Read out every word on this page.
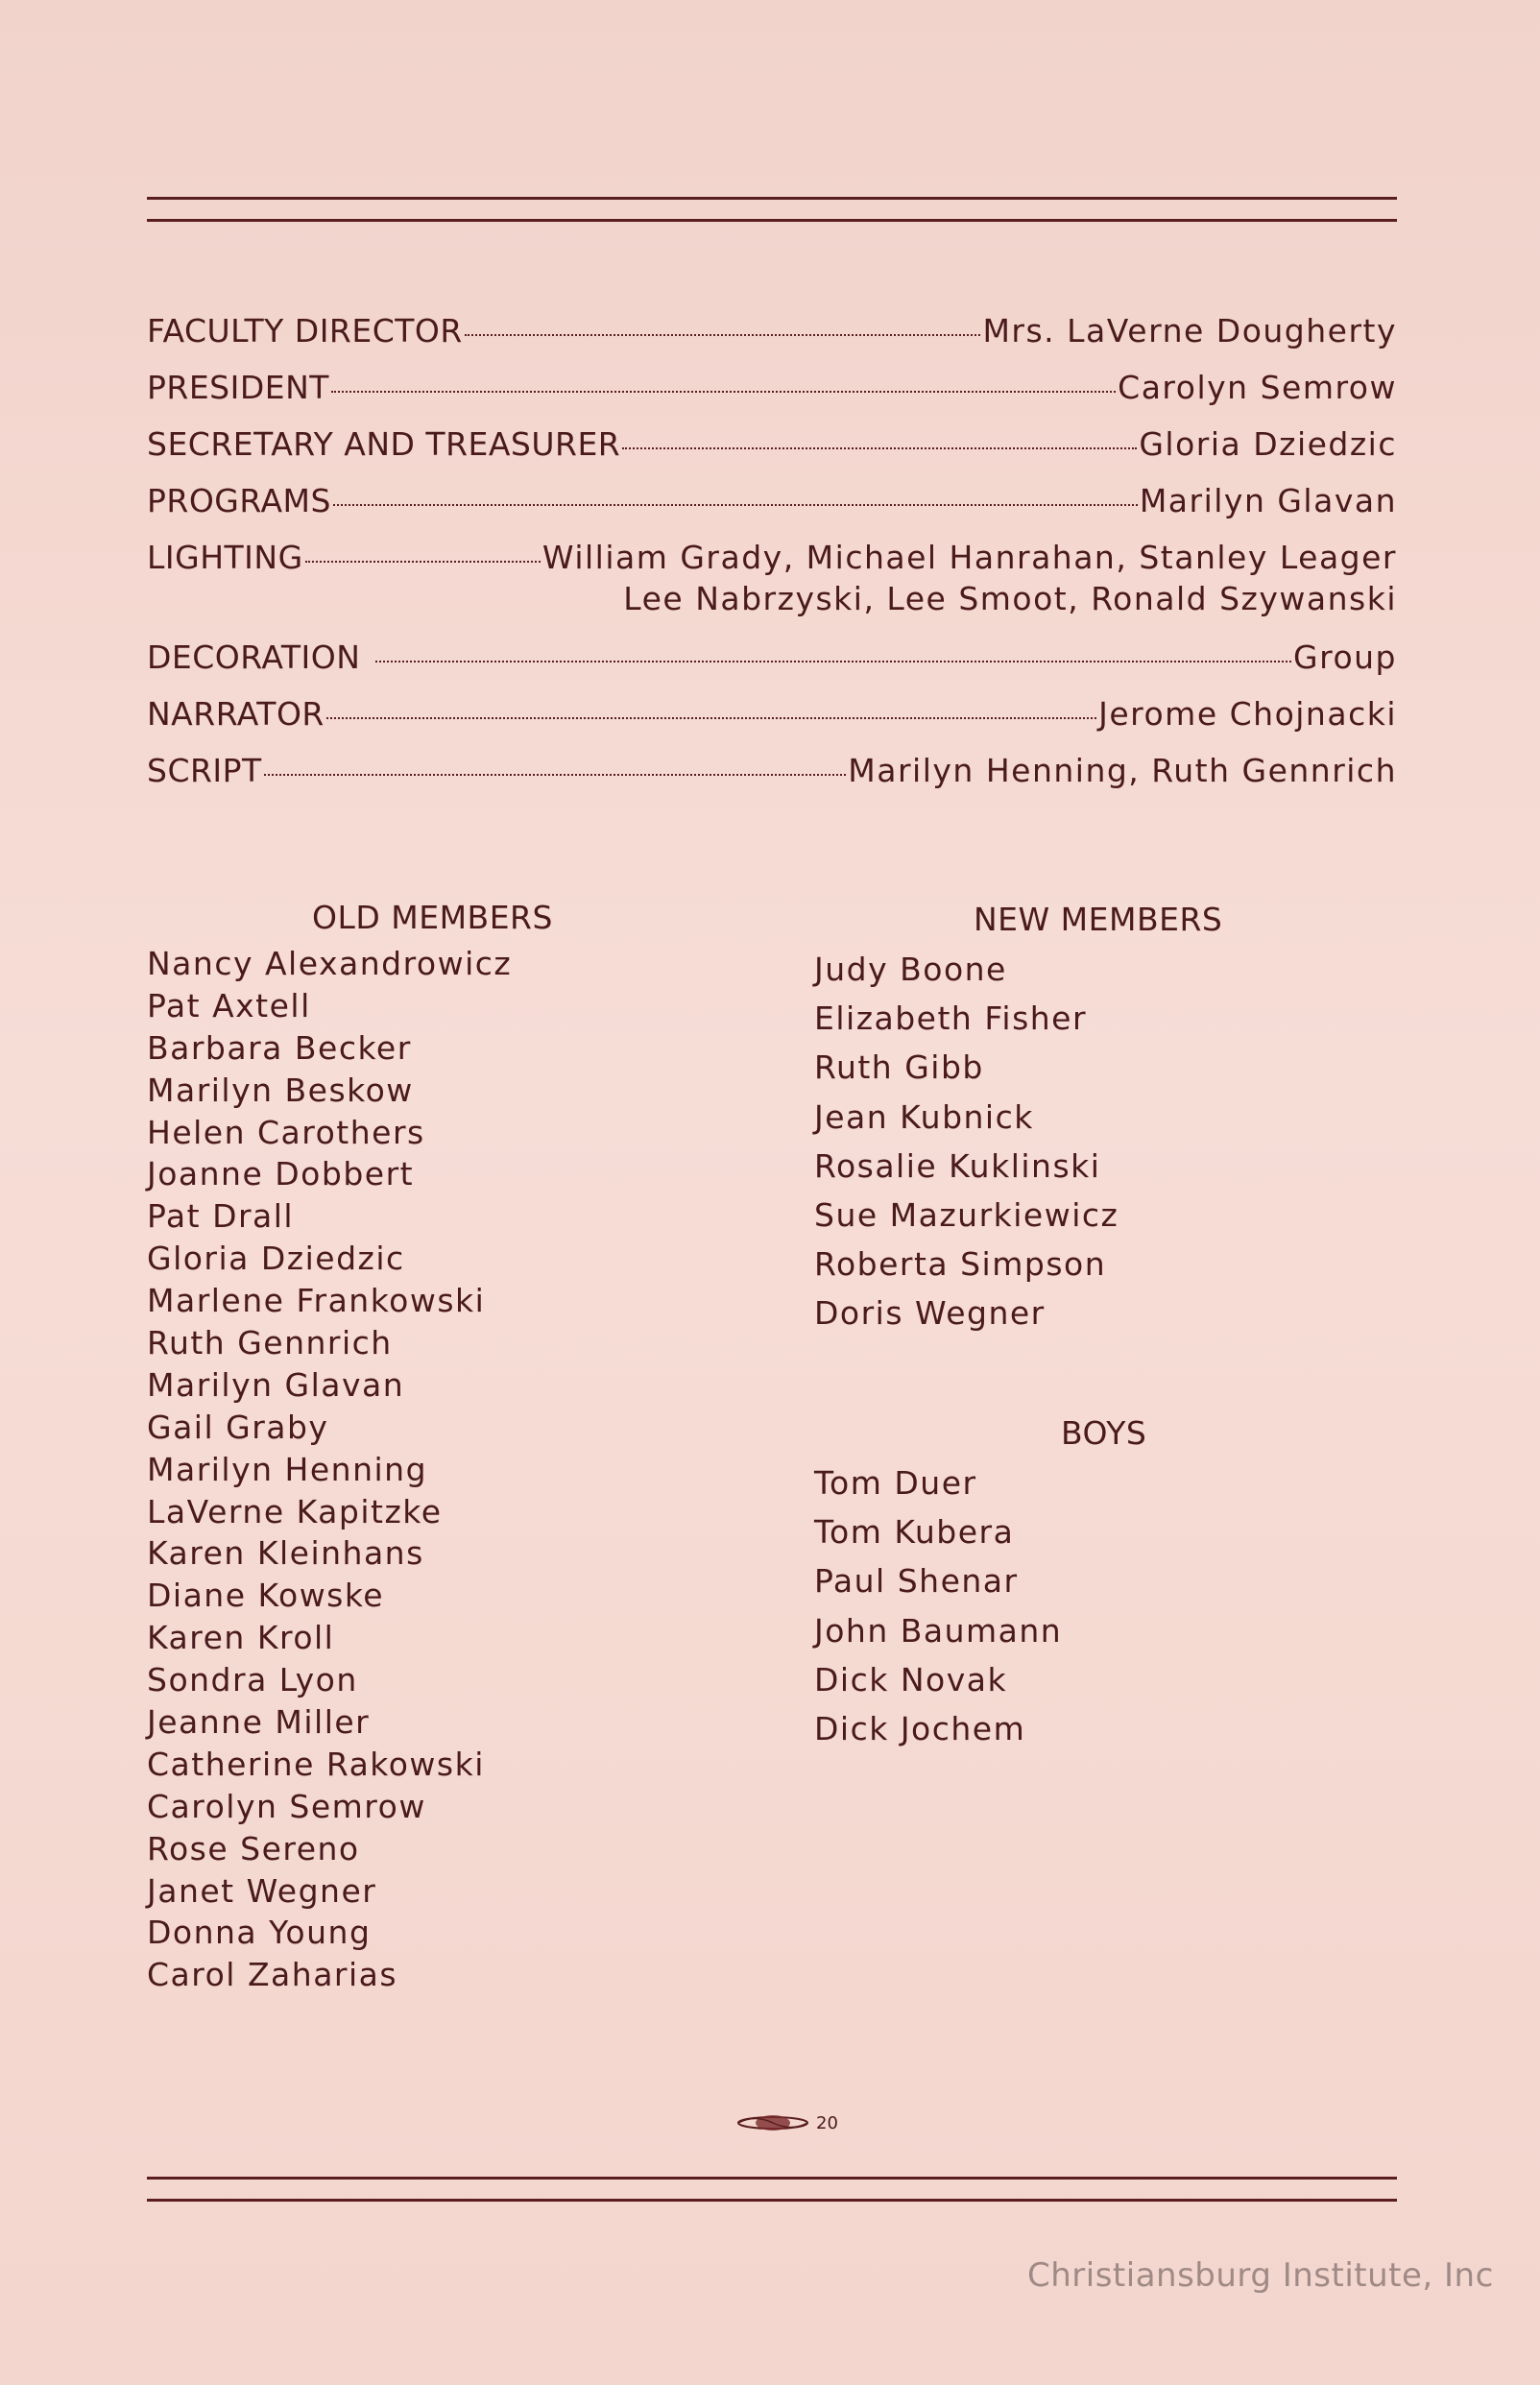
FACULTY DIRECTOR	Mrs. LaVerne Dougherty
PRESIDENT	Carolyn Semrow
SECRETARY AND TREASURER	Gloria Dziedzic
PROGRAMS	Marilyn Glavan
LIGHTING	William Grady, Michael Hanrahan, Stanley Leager
Lee Nabrzyski, Lee Smoot, Ronald Szywanski
DECORATION	Group
NARRATOR	Jerome Chojnacki
SCRIPT	Marilyn Henning, Ruth Gennrich
OLD MEMBERS
Nancy Alexandrowicz
Pat Axtell
Barbara Becker
Marilyn Beskow
Helen Carothers
Joanne Dobbert
Pat Drall
Gloria Dziedzic
Marlene Frankowski
Ruth Gennrich
Marilyn Glavan
Gail Graby
Marilyn Henning
LaVerne Kapitzke
Karen Kleinhans
Diane Kowske
Karen Kroll
Sondra Lyon
Jeanne Miller
Catherine Rakowski
Carolyn Semrow
Rose Sereno
Janet Wegner
Donna Young
Carol Zaharias
NEW MEMBERS
Judy Boone
Elizabeth Fisher
Ruth Gibb
Jean Kubnick
Rosalie Kuklinski
Sue Mazurkiewicz
Roberta Simpson
Doris Wegner
BOYS
Tom Duer
Tom Kubera
Paul Shenar
John Baumann
Dick Novak
Dick Jochem
20
Christiansburg Institute, Inc
